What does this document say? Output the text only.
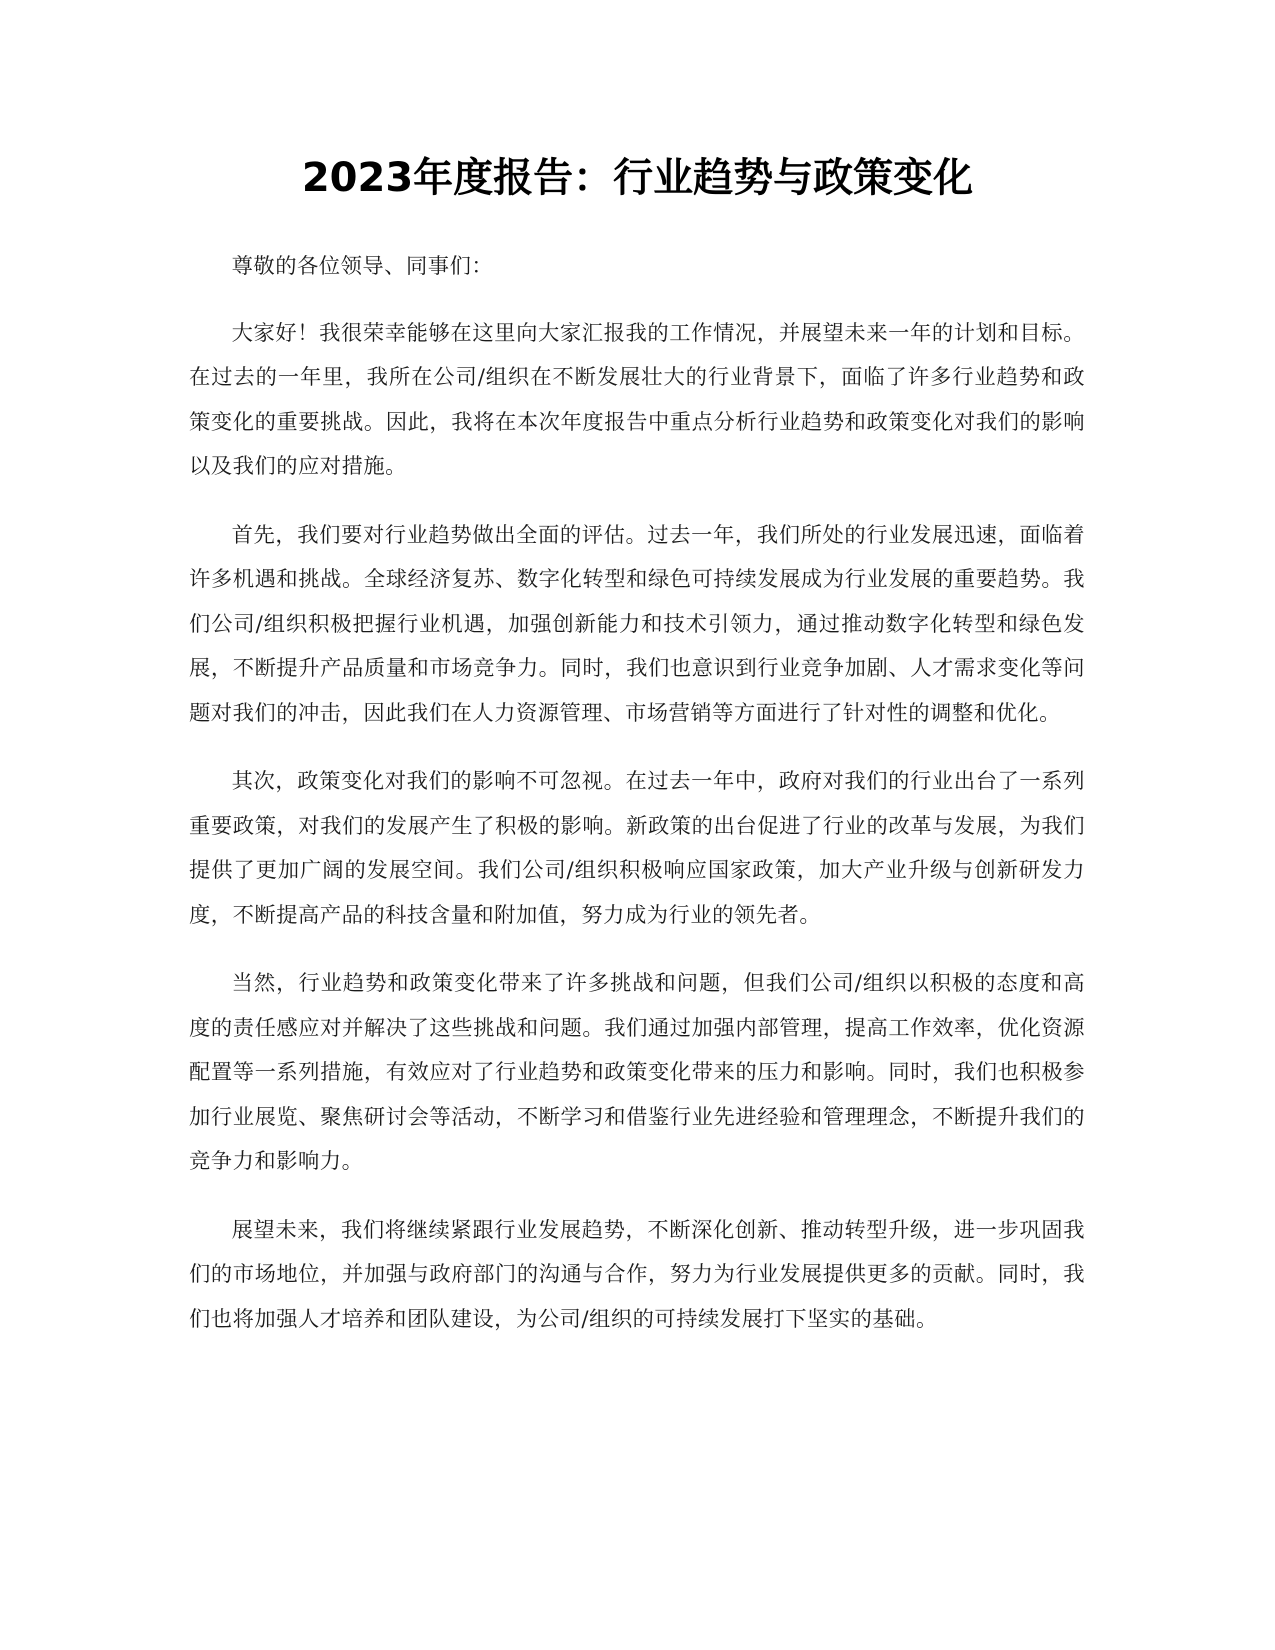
2023年度报告：行业趋势与政策变化

尊敬的各位领导、同事们：

大家好！我很荣幸能够在这里向大家汇报我的工作情况，并展望未来一年的计划和目标。在过去的一年里，我所在公司/组织在不断发展壮大的行业背景下，面临了许多行业趋势和政策变化的重要挑战。因此，我将在本次年度报告中重点分析行业趋势和政策变化对我们的影响以及我们的应对措施。

首先，我们要对行业趋势做出全面的评估。过去一年，我们所处的行业发展迅速，面临着许多机遇和挑战。全球经济复苏、数字化转型和绿色可持续发展成为行业发展的重要趋势。我们公司/组织积极把握行业机遇，加强创新能力和技术引领力，通过推动数字化转型和绿色发展，不断提升产品质量和市场竞争力。同时，我们也意识到行业竞争加剧、人才需求变化等问题对我们的冲击，因此我们在人力资源管理、市场营销等方面进行了针对性的调整和优化。

其次，政策变化对我们的影响不可忽视。在过去一年中，政府对我们的行业出台了一系列重要政策，对我们的发展产生了积极的影响。新政策的出台促进了行业的改革与发展，为我们提供了更加广阔的发展空间。我们公司/组织积极响应国家政策，加大产业升级与创新研发力度，不断提高产品的科技含量和附加值，努力成为行业的领先者。

当然，行业趋势和政策变化带来了许多挑战和问题，但我们公司/组织以积极的态度和高度的责任感应对并解决了这些挑战和问题。我们通过加强内部管理，提高工作效率，优化资源配置等一系列措施，有效应对了行业趋势和政策变化带来的压力和影响。同时，我们也积极参加行业展览、聚焦研讨会等活动，不断学习和借鉴行业先进经验和管理理念，不断提升我们的竞争力和影响力。

展望未来，我们将继续紧跟行业发展趋势，不断深化创新、推动转型升级，进一步巩固我们的市场地位，并加强与政府部门的沟通与合作，努力为行业发展提供更多的贡献。同时，我们也将加强人才培养和团队建设，为公司/组织的可持续发展打下坚实的基础。
